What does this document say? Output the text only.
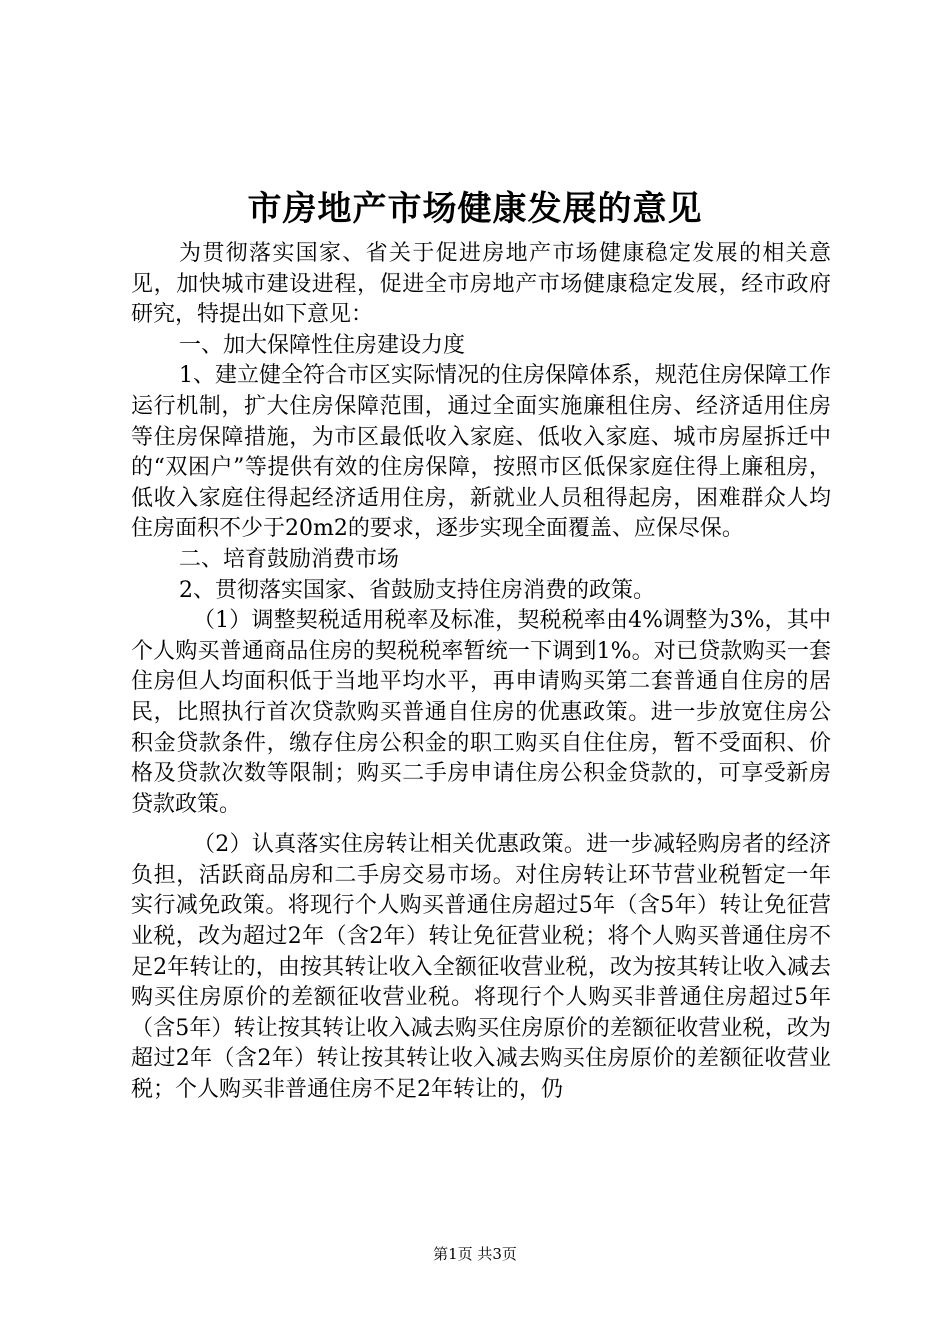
市房地产市场健康发展的意见

为贯彻落实国家、省关于促进房地产市场健康稳定发展的相关意见，加快城市建设进程，促进全市房地产市场健康稳定发展，经市政府研究，特提出如下意见：

一、加大保障性住房建设力度

1、建立健全符合市区实际情况的住房保障体系，规范住房保障工作运行机制，扩大住房保障范围，通过全面实施廉租住房、经济适用住房等住房保障措施，为市区最低收入家庭、低收入家庭、城市房屋拆迁中的“双困户”等提供有效的住房保障，按照市区低保家庭住得上廉租房，低收入家庭住得起经济适用住房，新就业人员租得起房，困难群众人均住房面积不少于20m2的要求，逐步实现全面覆盖、应保尽保。

二、培育鼓励消费市场

2、贯彻落实国家、省鼓励支持住房消费的政策。

（1）调整契税适用税率及标准，契税税率由4%调整为3%，其中个人购买普通商品住房的契税税率暂统一下调到1%。对已贷款购买一套住房但人均面积低于当地平均水平，再申请购买第二套普通自住房的居民，比照执行首次贷款购买普通自住房的优惠政策。进一步放宽住房公积金贷款条件，缴存住房公积金的职工购买自住住房，暂不受面积、价格及贷款次数等限制；购买二手房申请住房公积金贷款的，可享受新房贷款政策。

（2）认真落实住房转让相关优惠政策。进一步减轻购房者的经济负担，活跃商品房和二手房交易市场。对住房转让环节营业税暂定一年实行减免政策。将现行个人购买普通住房超过5年（含5年）转让免征营业税，改为超过2年（含2年）转让免征营业税；将个人购买普通住房不足2年转让的，由按其转让收入全额征收营业税，改为按其转让收入减去购买住房原价的差额征收营业税。将现行个人购买非普通住房超过5年（含5年）转让按其转让收入减去购买住房原价的差额征收营业税，改为超过2年（含2年）转让按其转让收入减去购买住房原价的差额征收营业税；个人购买非普通住房不足2年转让的，仍

第1页 共3页
